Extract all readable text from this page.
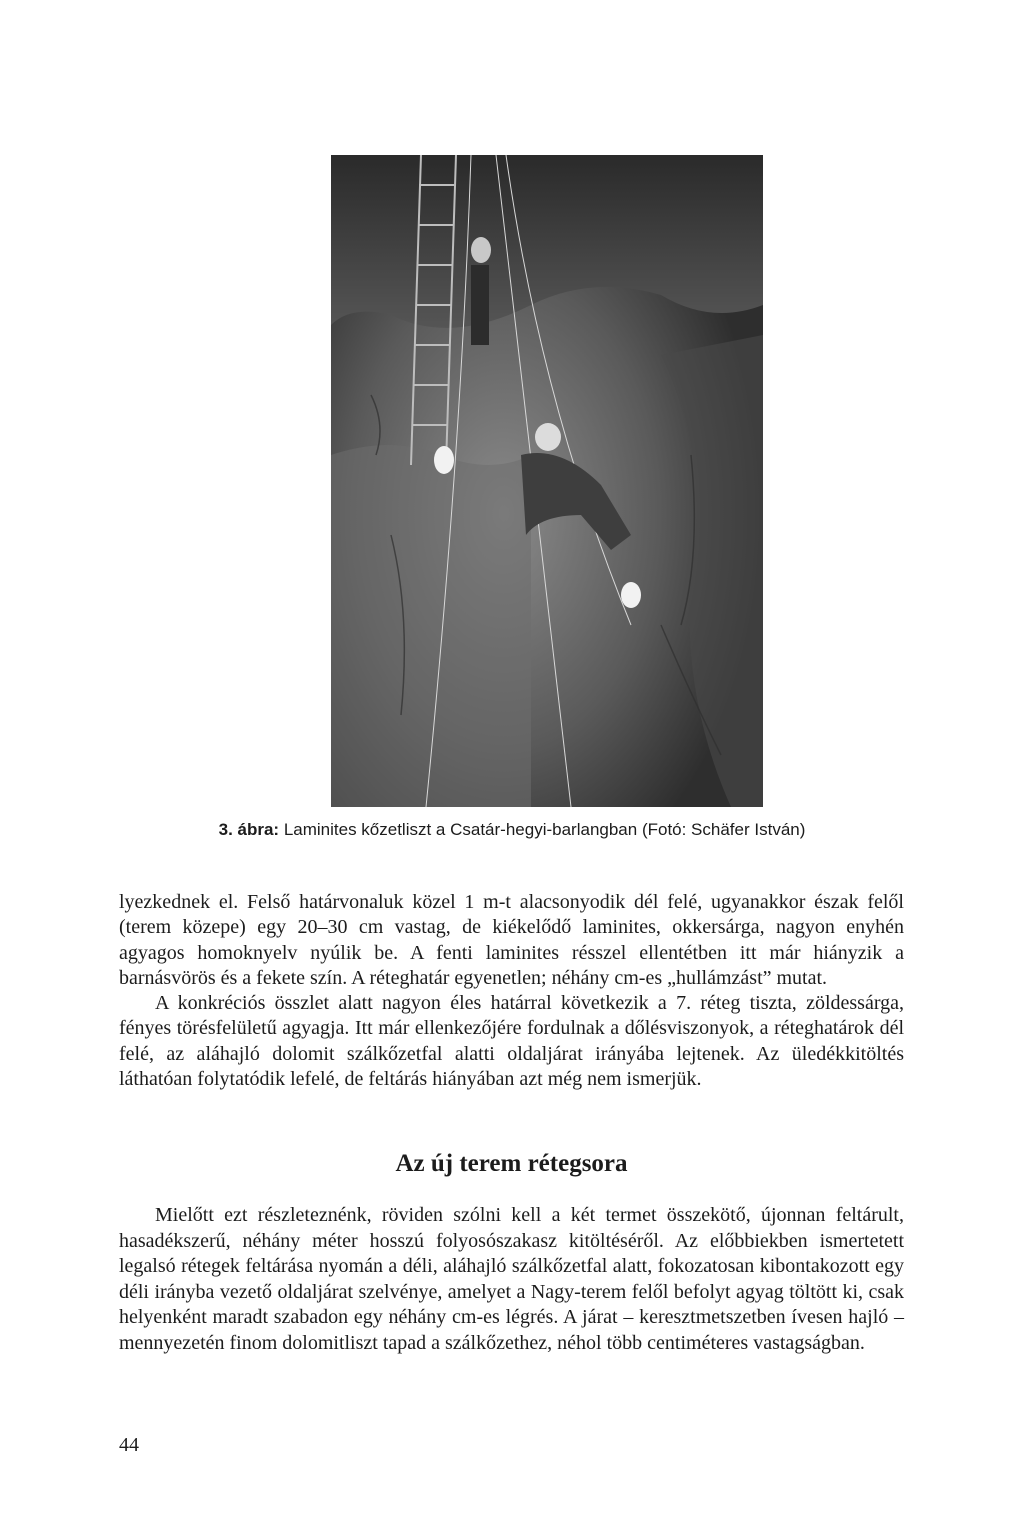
3. ábra: Laminites kőzetliszt a Csatár-hegyi-barlangban (Fotó: Schäfer István)

lyezkednek el. Felső határvonaluk közel 1 m-t alacsonyodik dél felé, ugyanakkor észak felől (terem közepe) egy 20–30 cm vastag, de kiékelődő laminites, okkersárga, nagyon enyhén agyagos homoknyelv nyúlik be. A fenti laminites résszel ellentétben itt már hiányzik a barnásvörös és a fekete szín. A réteghatár egyenetlen; néhány cm-es „hullámzást” mutat.

A konkréciós összlet alatt nagyon éles határral következik a 7. réteg tiszta, zöldessárga, fényes törésfelületű agyagja. Itt már ellenkezőjére fordulnak a dőlésviszonyok, a réteghatárok dél felé, az aláhajló dolomit szálkőzetfal alatti oldaljárat irányába lejtenek. Az üledékkitöltés láthatóan folytatódik lefelé, de feltárás hiányában azt még nem ismerjük.

Az új terem rétegsora

Mielőtt ezt részleteznénk, röviden szólni kell a két termet összekötő, újonnan feltárult, hasadékszerű, néhány méter hosszú folyosószakasz kitöltéséről. Az előbbiekben ismertetett legalsó rétegek feltárása nyomán a déli, aláhajló szálkőzetfal alatt, fokozatosan kibontakozott egy déli irányba vezető oldaljárat szelvénye, amelyet a Nagy-terem felől befolyt agyag töltött ki, csak helyenként maradt szabadon egy néhány cm-es légrés. A járat – keresztmetszetben ívesen hajló – mennyezetén finom dolomitliszt tapad a szálkőzethez, néhol több centiméteres vastagságban.

44
